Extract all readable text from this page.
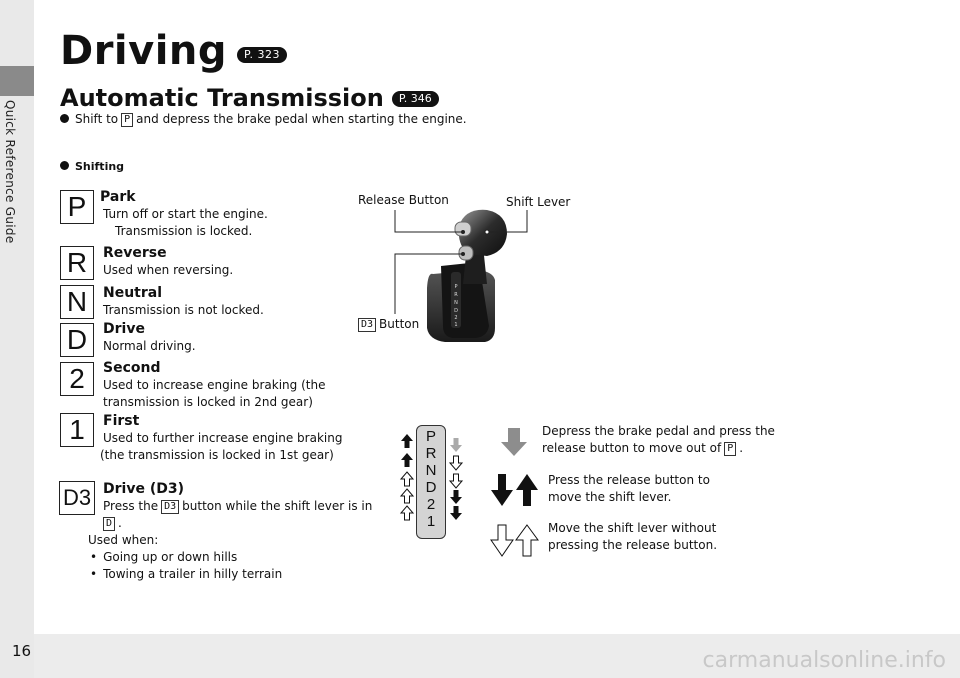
Quick Reference Guide
16	carmanualsonline.info
Driving P. 323
Automatic Transmission P. 346
Shift to P and depress the brake pedal when starting the engine.
Shifting
P Park
Turn off or start the engine.
Transmission is locked.
R	Reverse
Used when reversing.
N	Neutral
Transmission is not locked.
D	Drive
Normal driving.
2	Second
Used to increase engine braking (the
transmission is locked in 2nd gear)
1	First
Used to further increase engine braking
(the transmission is locked in 1st gear)
D3 Drive (D3)
Press the D3 button while the shift lever is in
D .
Used when:
• Going up or down hills
• Towing a trailer in hilly terrain
P
R
N
D
2
1
Release Button	Shift Lever
D3 Button
P
R
N
D
2
1
Depress the brake pedal and press the
release button to move out of P .
Press the release button to
move the shift lever.
Move the shift lever without
pressing the release button.
